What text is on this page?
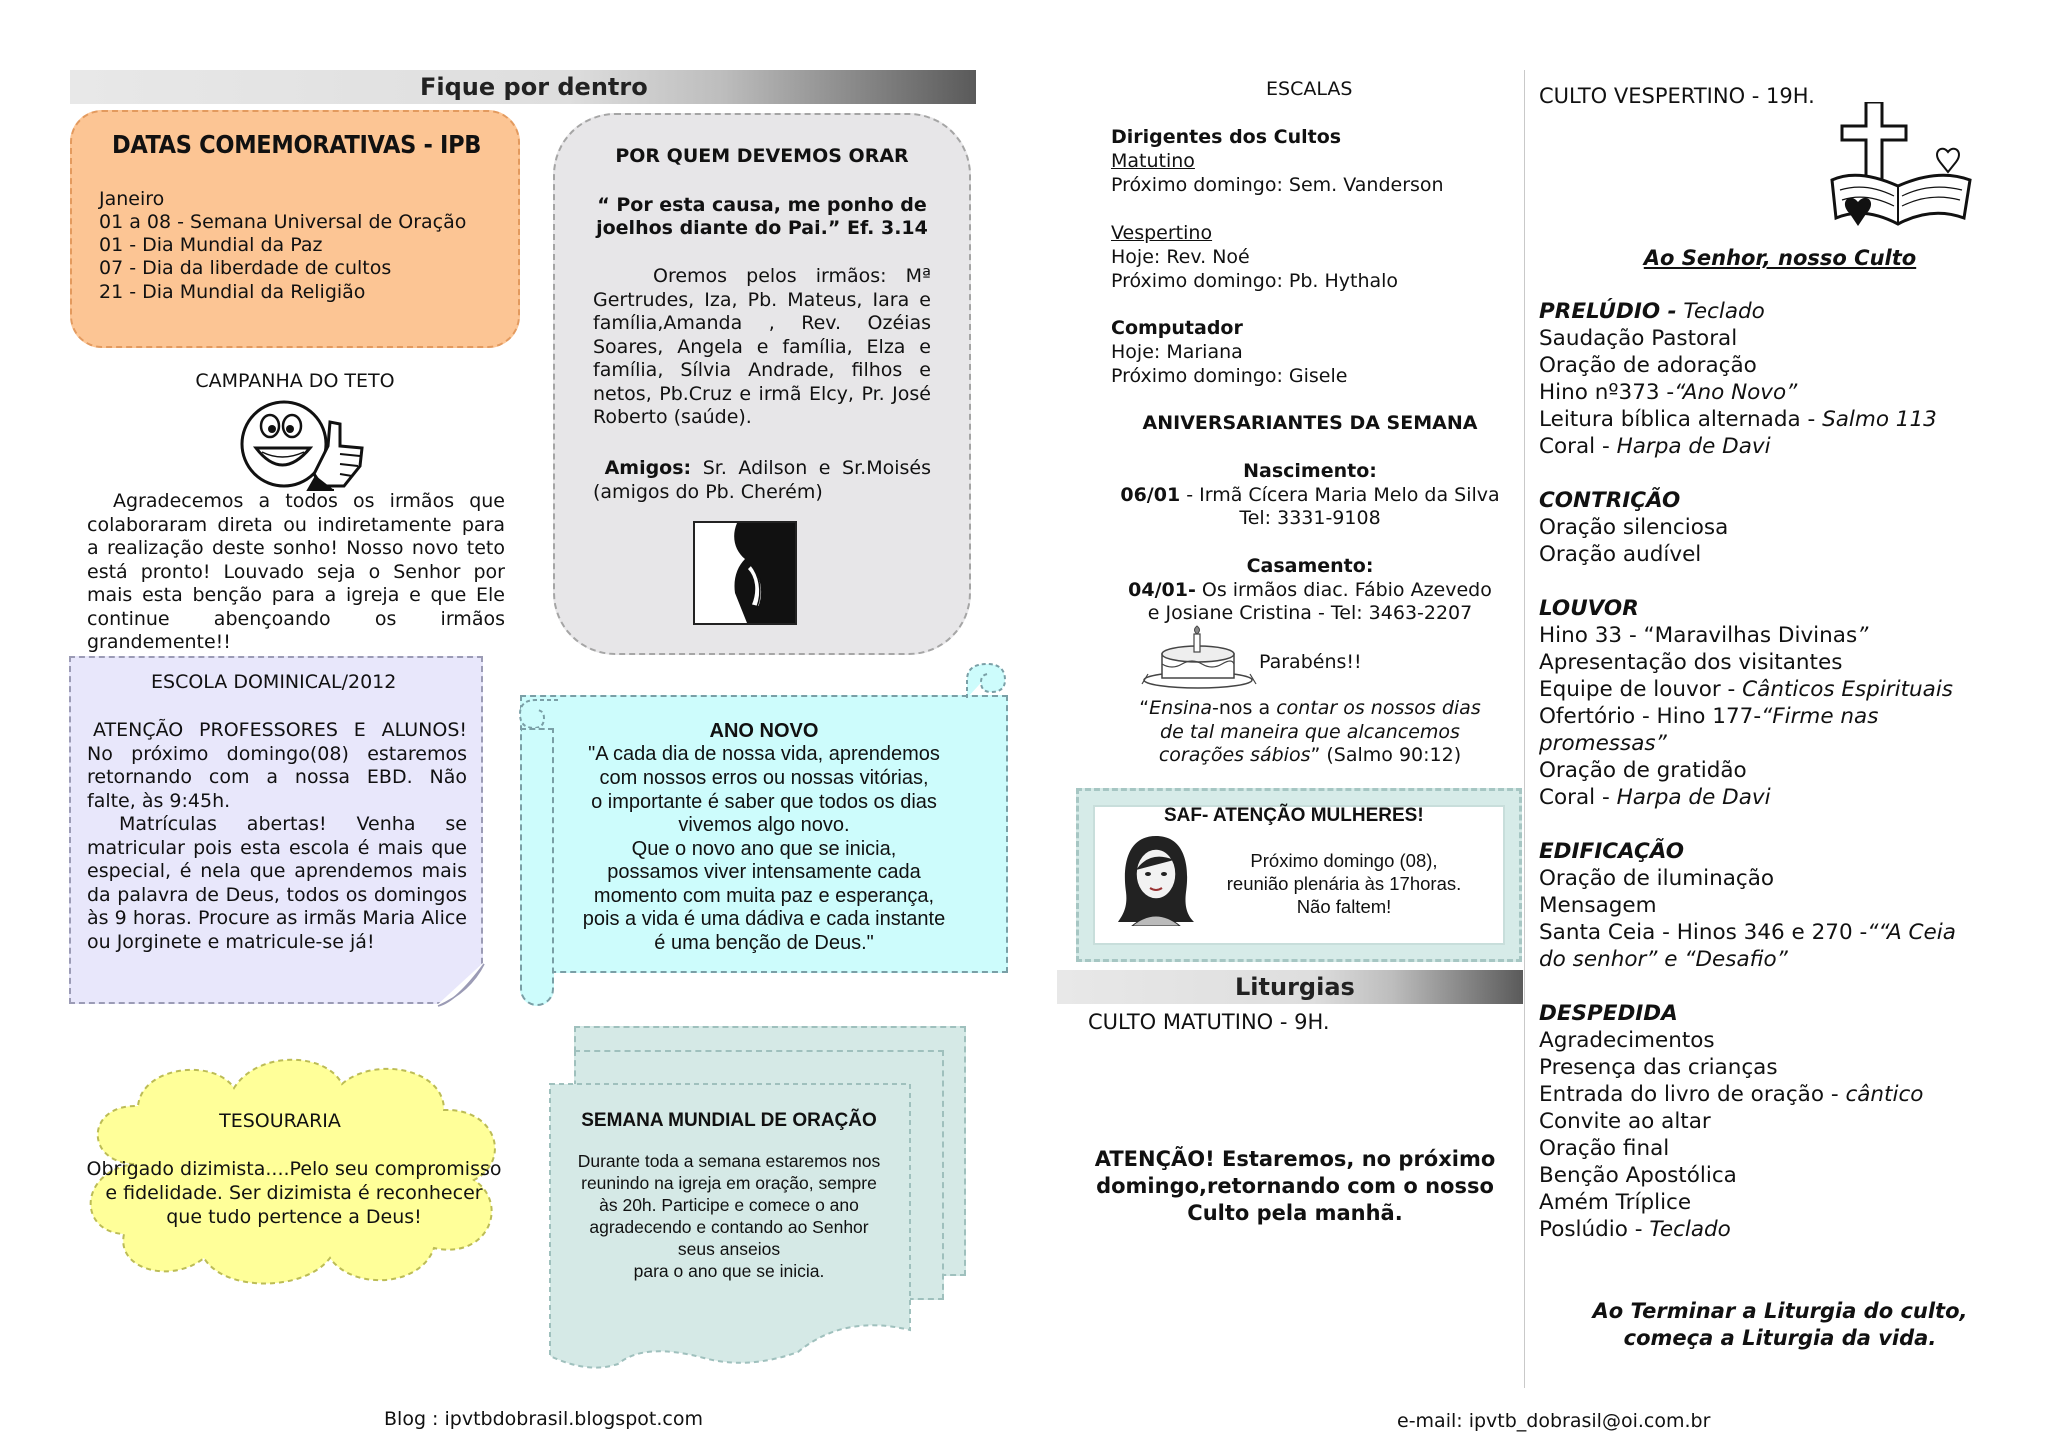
Fique por dentro
DATAS COMEMORATIVAS - IPB
Janeiro
01 a 08 - Semana Universal de Oração
01 - Dia Mundial da Paz
07 - Dia da liberdade de cultos
21 - Dia Mundial da Religião
POR QUEM DEVEMOS ORAR
“ Por esta causa, me ponho de
joelhos diante do Pai.” Ef. 3.14
Oremos pelos irmãos: Mª Gertrudes, Iza, Pb. Mateus, Iara e família,Amanda , Rev. Ozéias Soares, Angela e família, Elza e família, Sílvia Andrade, filhos e netos, Pb.Cruz e irmã Elcy, Pr. José Roberto (saúde).
Amigos: Sr. Adilson e Sr.Moisés (amigos do Pb. Cherém)
CAMPANHA DO TETO
Agradecemos a todos os irmãos que colaboraram direta ou indiretamente para a realização deste sonho! Nosso novo teto está pronto! Louvado seja o Senhor por mais esta benção para a igreja e que Ele continue abençoando os irmãos grandemente!!
ESCOLA DOMINICAL/2012
ATENÇÃO PROFESSORES E ALUNOS! No próximo domingo(08) estaremos retornando com a nossa EBD. Não falte, às 9:45h.
Matrículas abertas! Venha se matricular pois esta escola é mais que especial, é nela que aprendemos mais da palavra de Deus, todos os domingos às 9 horas. Procure as irmãs Maria Alice ou Jorginete e matricule-se já!
ANO NOVO
"A cada dia de nossa vida, aprendemos
com nossos erros ou nossas vitórias,
o importante é saber que todos os dias
vivemos algo novo.
Que o novo ano que se inicia,
possamos viver intensamente cada
momento com muita paz e esperança,
pois a vida é uma dádiva e cada instante
é uma benção de Deus."
TESOURARIA
Obrigado dizimista....Pelo seu compromisso
e fidelidade. Ser dizimista é reconhecer
que tudo pertence a Deus!
SEMANA MUNDIAL DE ORAÇÃO
Durante toda a semana estaremos nos
reunindo na igreja em oração, sempre
às 20h. Participe e comece o ano
agradecendo e contando ao Senhor
seus anseios
para o ano que se inicia.
Blog : ipvtbdobrasil.blogspot.com
ESCALAS
Dirigentes dos Cultos
Matutino
Próximo domingo: Sem. Vanderson
Vespertino
Hoje: Rev. Noé
Próximo domingo: Pb. Hythalo
Computador
Hoje: Mariana
Próximo domingo: Gisele
ANIVERSARIANTES DA SEMANA
Nascimento:
06/01 - Irmã Cícera Maria Melo da Silva
Tel: 3331-9108
Casamento:
04/01- Os irmãos diac. Fábio Azevedo
e Josiane Cristina - Tel: 3463-2207
Parabéns!!
“Ensina-nos a contar os nossos dias
de tal maneira que alcancemos
corações sábios” (Salmo 90:12)
SAF- ATENÇÃO MULHERES!
Próximo domingo (08),
reunião plenária às 17horas.
Não faltem!
Liturgias
CULTO MATUTINO - 9H.
ATENÇÃO! Estaremos, no próximo
domingo,retornando com o nosso
Culto pela manhã.
e-mail: ipvtb_dobrasil@oi.com.br
CULTO VESPERTINO - 19H.
Ao Senhor, nosso Culto
PRELÚDIO - Teclado
Saudação Pastoral
Oração de adoração
Hino nº373 -“Ano Novo”
Leitura bíblica alternada - Salmo 113
Coral - Harpa de Davi
CONTRIÇÃO
Oração silenciosa
Oração audível
LOUVOR
Hino 33 - “Maravilhas Divinas”
Apresentação dos visitantes
Equipe de louvor - Cânticos Espirituais
Ofertório - Hino 177-“Firme nas
promessas”
Oração de gratidão
Coral - Harpa de Davi
EDIFICAÇÃO
Oração de iluminação
Mensagem
Santa Ceia - Hinos 346 e 270 -““A Ceia
do senhor” e “Desafio”
DESPEDIDA
Agradecimentos
Presença das crianças
Entrada do livro de oração - cântico
Convite ao altar
Oração final
Benção Apostólica
Amém Tríplice
Poslúdio - Teclado
Ao Terminar a Liturgia do culto,
começa a Liturgia da vida.
